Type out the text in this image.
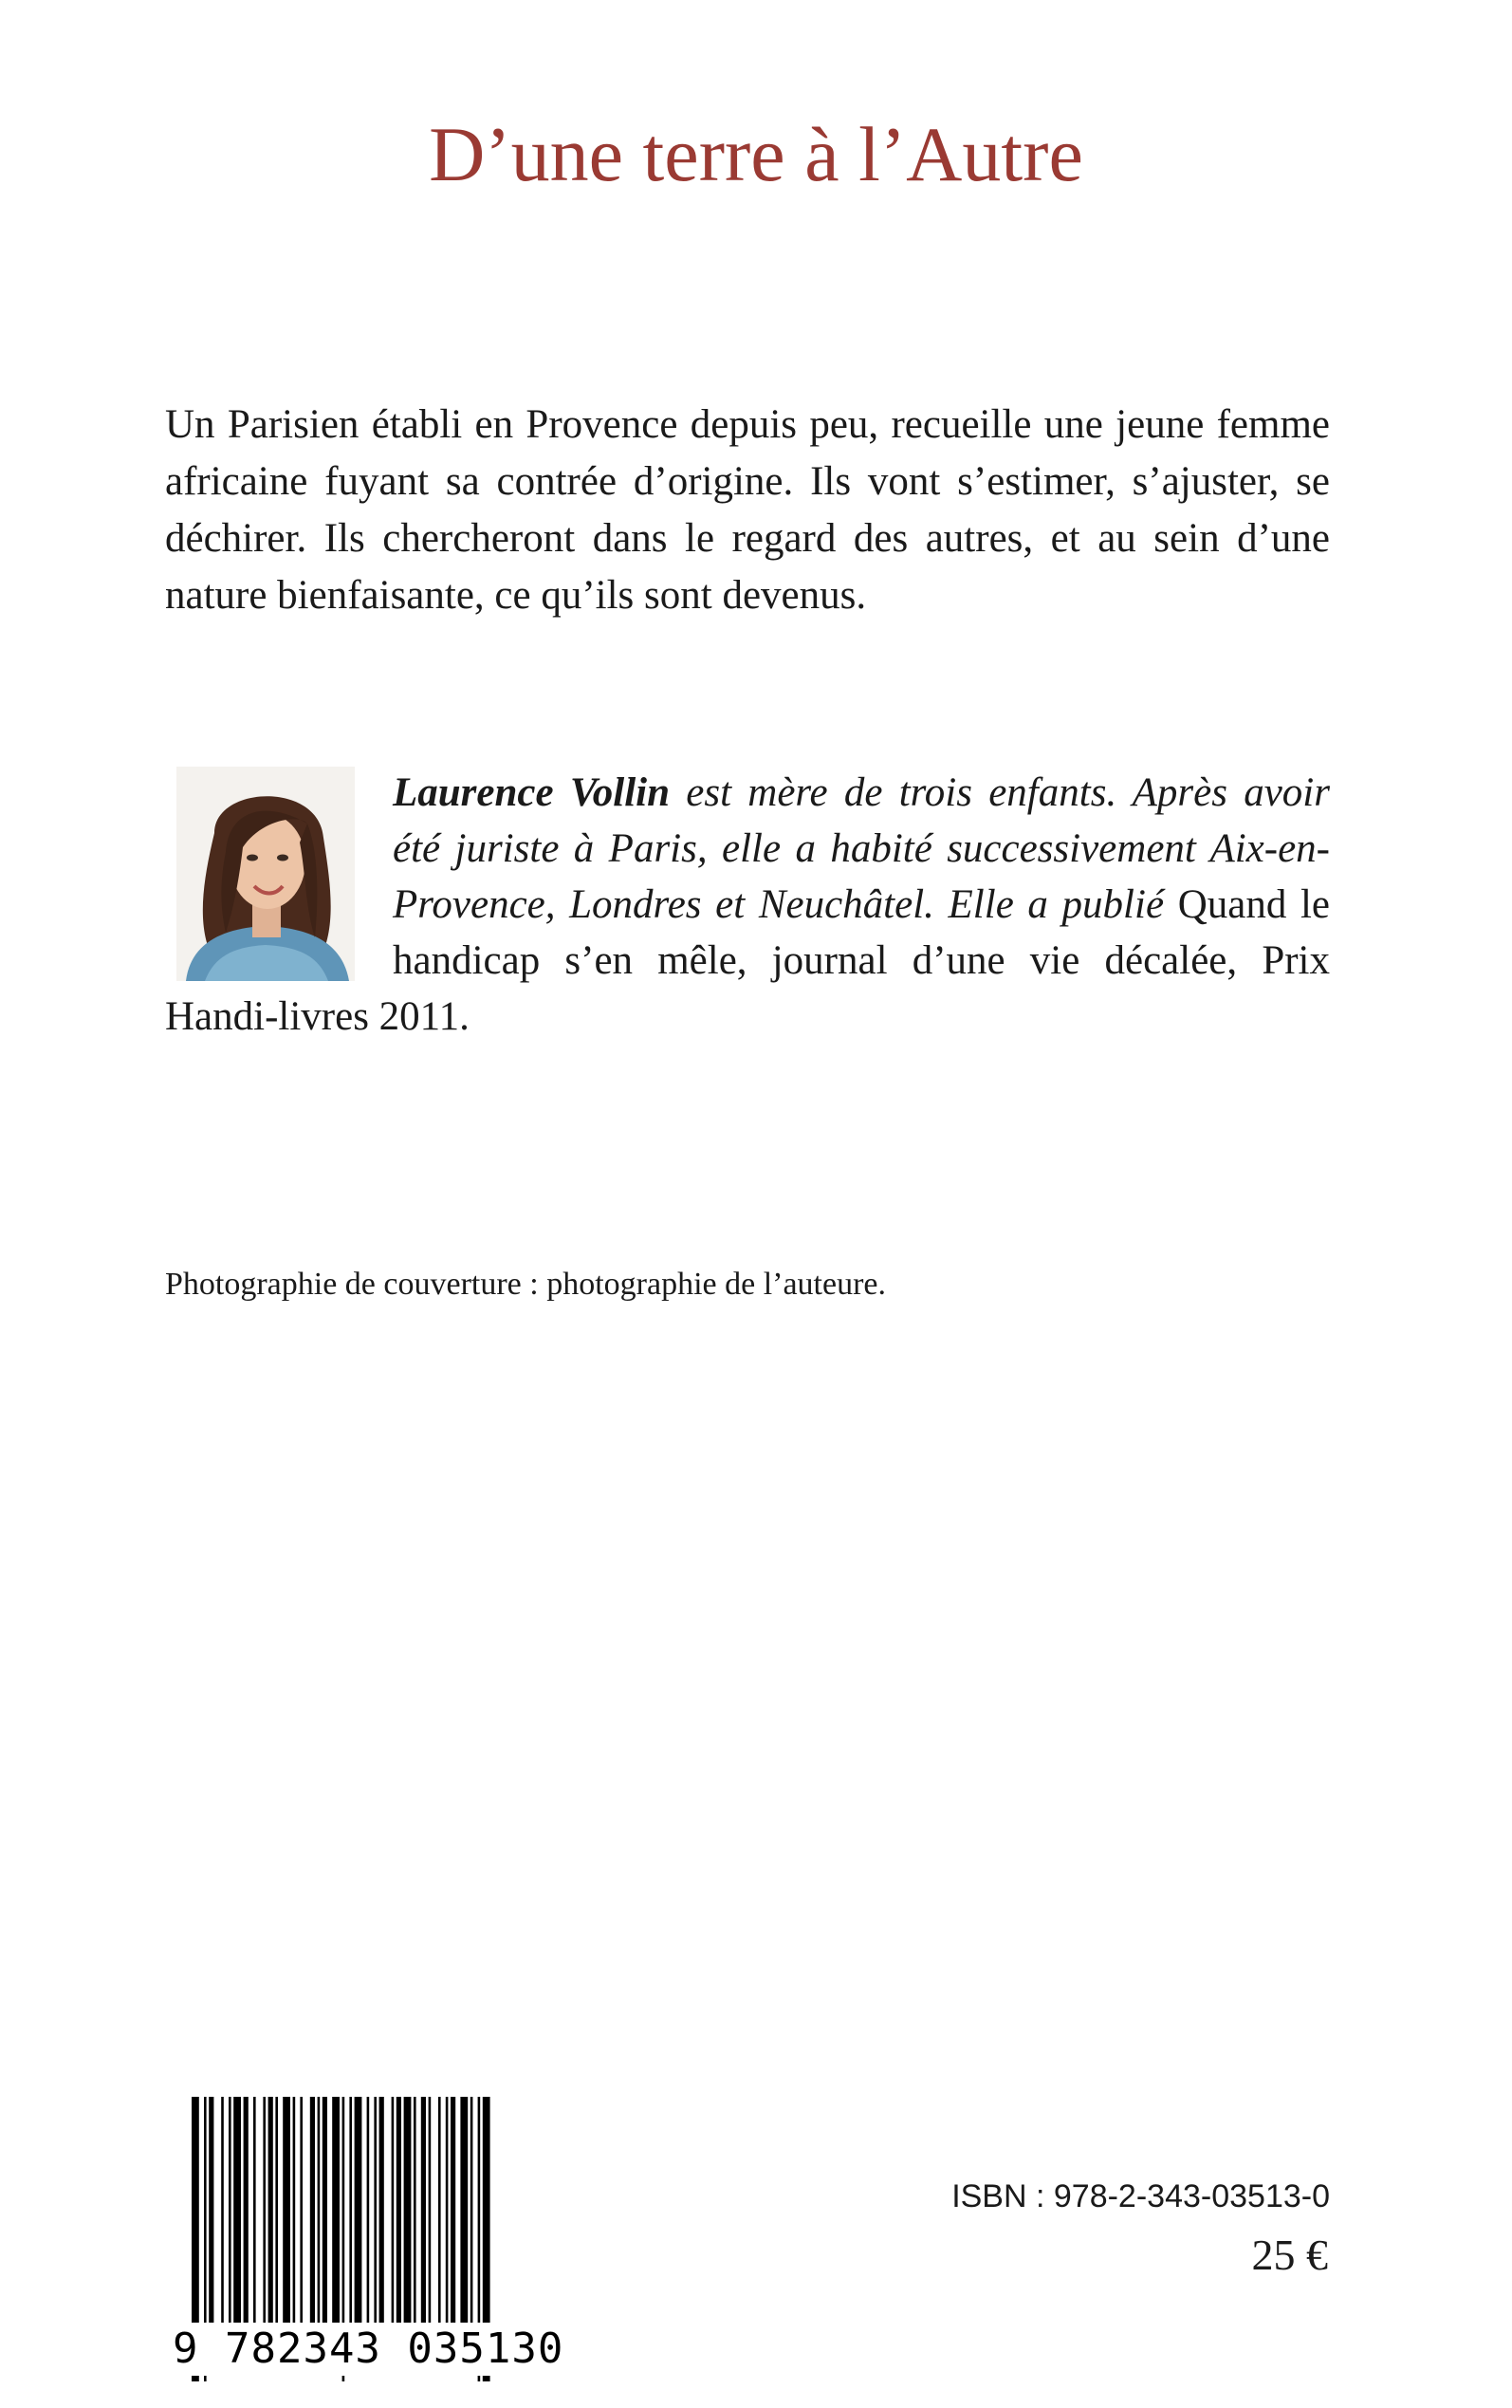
D’une terre à l’Autre

Un Parisien établi en Provence depuis peu, recueille une jeune femme africaine fuyant sa contrée d’origine. Ils vont s’estimer, s’ajuster, se déchirer. Ils chercheront dans le regard des autres, et au sein d’une nature bienfaisante, ce qu’ils sont devenus.

Laurence Vollin est mère de trois enfants. Après avoir été juriste à Paris, elle a habité successivement Aix-en-Provence, Londres et Neuchâtel. Elle a publié Quand le handicap s’en mêle, journal d’une vie décalée, Prix Handi-livres 2011.

Photographie de couverture : photographie de l’auteure.

9 782343 035130

ISBN : 978-2-343-03513-0

25 €
